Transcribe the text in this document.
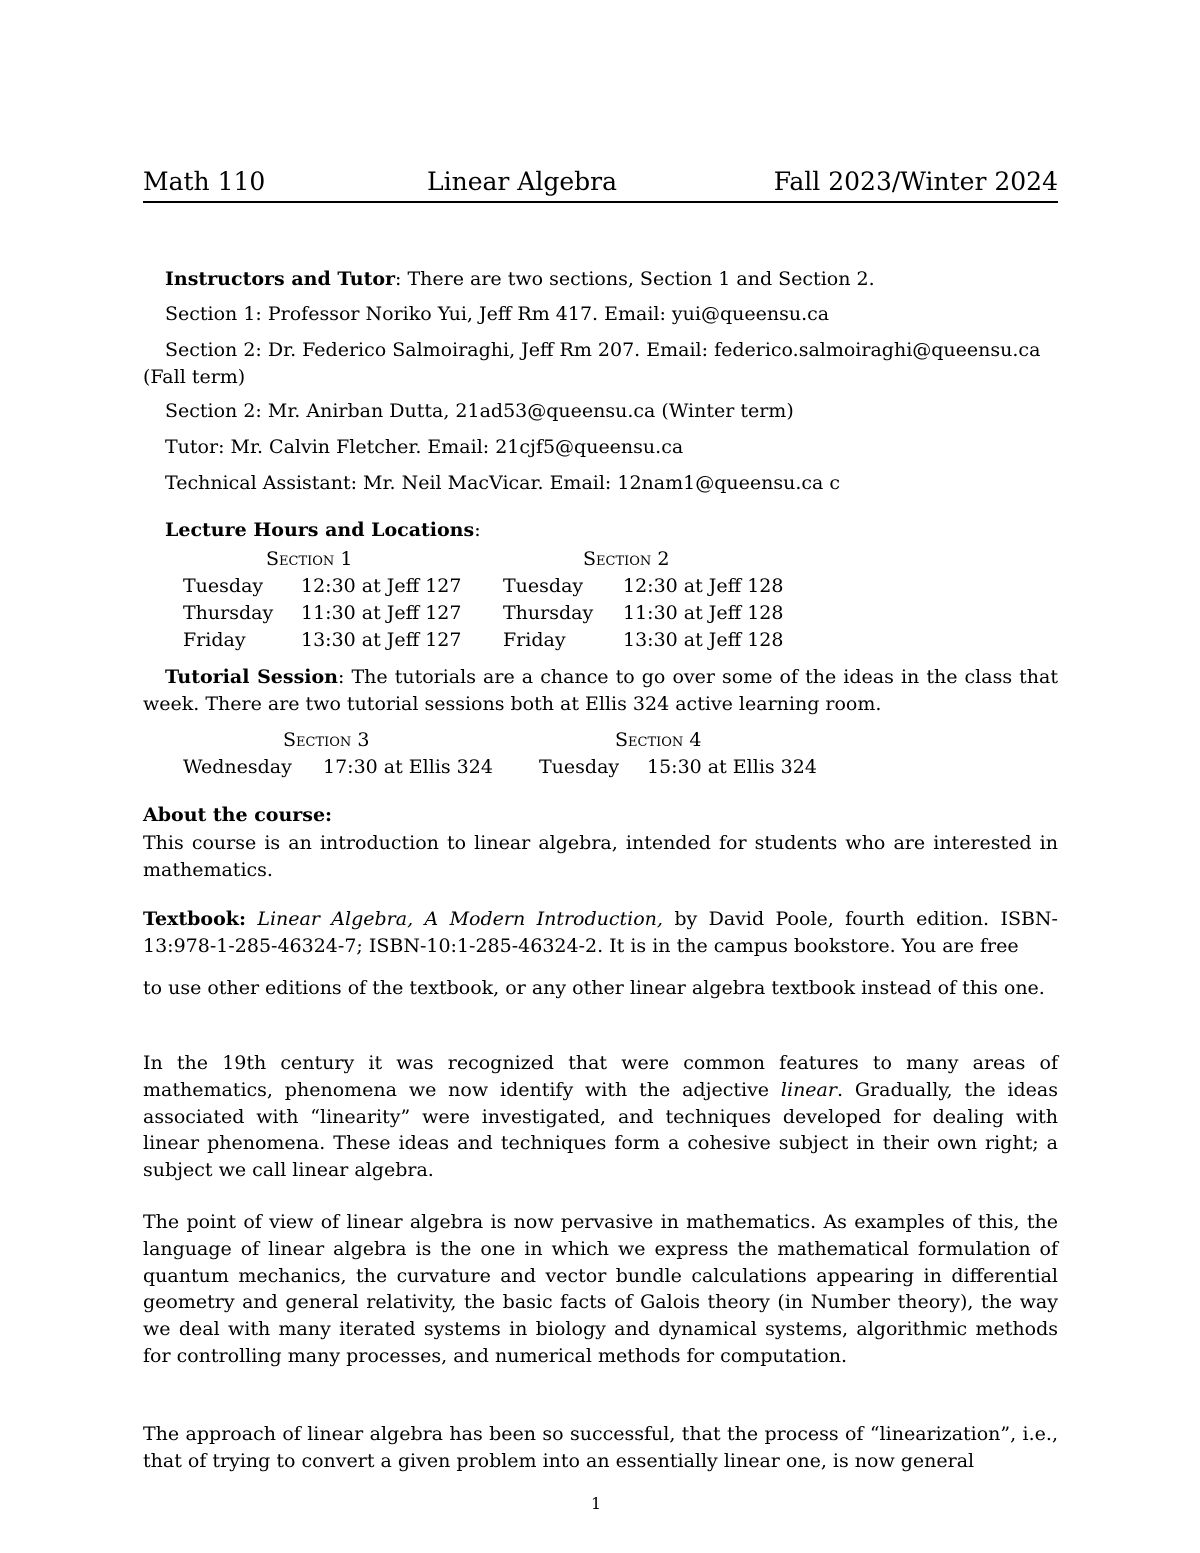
Math 110	Linear Algebra	Fall 2023/Winter 2024
Instructors and Tutor: There are two sections, Section 1 and Section 2.
Section 1: Professor Noriko Yui, Jeff Rm 417. Email: yui@queensu.ca
Section 2: Dr. Federico Salmoiraghi, Jeff Rm 207. Email: federico.salmoiraghi@queensu.ca
(Fall term)
Section 2: Mr. Anirban Dutta, 21ad53@queensu.ca (Winter term)
Tutor: Mr. Calvin Fletcher. Email: 21cjf5@queensu.ca
Technical Assistant: Mr. Neil MacVicar. Email: 12nam1@queensu.ca c
Lecture Hours and Locations:
Section 1	Section 2
Tuesday	12:30 at Jeff 127	Tuesday	12:30 at Jeff 128
Thursday	11:30 at Jeff 127	Thursday	11:30 at Jeff 128
Friday	13:30 at Jeff 127	Friday	13:30 at Jeff 128
Tutorial Session: The tutorials are a chance to go over some of the ideas in the class that week. There are two tutorial sessions both at Ellis 324 active learning room.
Section 3	Section 4
Wednesday	17:30 at Ellis 324	Tuesday	15:30 at Ellis 324
About the course:
This course is an introduction to linear algebra, intended for students who are interested in mathematics.
Textbook: Linear Algebra, A Modern Introduction, by David Poole, fourth edition. ISBN-13:978-1-285-46324-7; ISBN-10:1-285-46324-2. It is in the campus bookstore. You are free
to use other editions of the textbook, or any other linear algebra textbook instead of this one.
In the 19th century it was recognized that were common features to many areas of mathematics, phenomena we now identify with the adjective linear. Gradually, the ideas associated with “linearity” were investigated, and techniques developed for dealing with linear phenomena. These ideas and techniques form a cohesive subject in their own right; a subject we call linear algebra.
The point of view of linear algebra is now pervasive in mathematics. As examples of this, the language of linear algebra is the one in which we express the mathematical formulation of quantum mechanics, the curvature and vector bundle calculations appearing in differential geometry and general relativity, the basic facts of Galois theory (in Number theory), the way we deal with many iterated systems in biology and dynamical systems, algorithmic methods for controlling many processes, and numerical methods for computation.
The approach of linear algebra has been so successful, that the process of “linearization”, i.e., that of trying to convert a given problem into an essentially linear one, is now general
1
